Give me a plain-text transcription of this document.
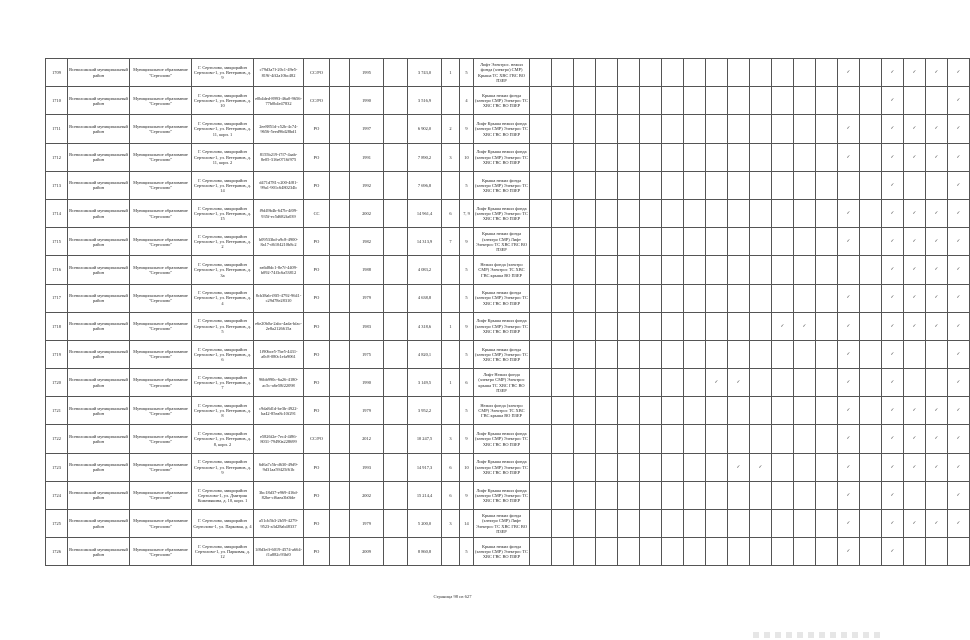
1709	Всеволожский муниципальный район	Муниципальное образование "Сертолово"	Г. Сертолово, микрорайон Сертоловo-1, ул. Ветеранов, д. 9	c79d3a7f-20c1-49e5-819f-4ff2a10bc482	СС/РО		1995		3 743,0	1	5	Лифт Электрос. нежил фонда (электро) СМР) Крыша ТС ХВС ГВС ВО ПЗЕР															✓		✓	✓	✓	✓
1710	Всеволожский муниципальный район	Муниципальное образование "Сертолово"	Г. Сертолово, микрорайон Сертоловo-1, ул. Ветеранов, д. 10	e0b4ded-8993-46a0-9656-77b0b4e47832	СС/РО		1990		3 516,9		4	Крыша нежил фонда (электро СМР) Электрос ТС ХВС ГВС ВО ПЗЕР																	✓			✓
1711	Всеволожский муниципальный район	Муниципальное образование "Сертолово"	Г. Сертолово, микрорайон Сертоловo-1, ул. Ветеранов, д. 11, корп. 1	2ee8851d-c52b-4c74-9656-5eed96d28bd1	РО		1997		6 902,0	2	9	Лифт Крыша нежил фонда (электро СМР) Электрос ТС ХВС ГВС ВО ПЗЕР															✓		✓	✓	✓	✓
1712	Всеволожский муниципальный район	Муниципальное образование "Сертолово"	Г. Сертолово, микрорайон Сертоловo-1, ул. Ветеранов, д. 11, корп. 2	8155b219-f7f7-4aab-8e05-316e0716f975	РО		1991		7 890,2	3	10	Лифт Крыша нежил фонда (электро СМР) Электрос ТС ХВС ГВС ВО ПЗЕР															✓		✓	✓	✓	✓
1713	Всеволожский муниципальный район	Муниципальное образование "Сертолово"	Г. Сертолово, микрорайон Сертоловo-1, ул. Ветеранов, д. 14	d471d781-c200-4f81-99a1-901c6480234b	РО		1992		7 696,8		5	Крыша нежил фонда (электро СМР) Электрос ТС ХВС ГВС ВО ПЗЕР																	✓			✓
1714	Всеволожский муниципальный район	Муниципальное образование "Сертолово"	Г. Сертолово, микрорайон Сертоловo-1, ул. Ветеранов, д. 15	f9d49b4b-647b-4f09-935f-ec5d682fa039	СС		2002		14 961,4	6	7, 9	Лифт Крыша нежил фонда (электро СМР) Электрос ТС ХВС ГВС ВО ПЗЕР															✓		✓	✓	✓	✓
1715	Всеволожский муниципальный район	Муниципальное образование "Сертолово"	Г. Сертолово, микрорайон Сертоловo-1, ул. Ветеранов, д. 2	b09533bd-a9c8-4900-8a17-d6104210b8c2	РО		1982		14 313,9	7	9	Крыша нежил фонда (электро СМР) Лифт Электрос ТС ХВС ГВС ВО ПЗЕР															✓		✓	✓	✓	✓
1716	Всеволожский муниципальный район	Муниципальное образование "Сертолово"	Г. Сертолово, микрорайон Сертоловo-1, ул. Ветеранов, д. 3а	ea6d8dc1-8e7f-4409-b092-74f3c6a53812	РО		1988		4 083,2		5	Нежил фонда (электро СМР) Электрос ТС ХВС ГВС крыша ВО ПЗЕР																	✓	✓	✓	✓
1717	Всеволожский муниципальный район	Муниципальное образование "Сертолово"	Г. Сертолово, микрорайон Сертоловo-1, ул. Ветеранов, д. 4	8cb38ab-f8f5-4792-9641-c29d78e28310	РО		1979		4 638,8		5	Крыша нежил фонда (электро СМР) Электрос ТС ХВС ГВС ВО ПЗЕР															✓		✓	✓	✓	✓
1718	Всеволожский муниципальный район	Муниципальное образование "Сертолово"	Г. Сертолово, микрорайон Сертоловo-1, ул. Ветеранов, д. 5	e6e20b0a-2abc-4ada-bfac-2e8a2126615a	РО		1983		4 318,6	1	9	Лифт Крыша нежил фонда (электро СМР) Электрос ТС ХВС ГВС ВО ПЗЕР												✓	✓		✓		✓	✓	✓	✓
1719	Всеволожский муниципальный район	Муниципальное образование "Сертолово"	Г. Сертолово, микрорайон Сертоловo-1, ул. Ветеранов, д. 6	1f90bce5-7be5-4431-a0c8-080c1efa9061	РО		1975		4 820,1		5	Крыша нежил фонда (электро СМР) Электрос ТС ХВС ГВС ВО ПЗЕР															✓		✓			✓
1720	Всеволожский муниципальный район	Муниципальное образование "Сертолово"	Г. Сертолово, микрорайон Сертоловo-1, ул. Ветеранов, д. 7	96bb990c-6a26-4180-ac5c-a6e58f22098	РО		1990		3 149,5	1	6	Лифт Нежил фонда (электро СМР) Электрос крыша ТС ХВС ГВС ВО ПЗЕР									✓	✓					✓		✓			✓
1721	Всеволожский муниципальный район	Муниципальное образование "Сертолово"	Г. Сертолово, микрорайон Сертоловo-1, ул. Ветеранов, д. 8	c9da8d1d-be3b-4922-ba42-85ea8c10f291	РО		1979		3 952,2		5	Нежил фонда (электро СМР) Электрос ТС ХВС ГВС крыша ВО ПЗЕР															✓		✓	✓	✓	✓
1722	Всеволожский муниципальный район	Муниципальное образование "Сертолово"	Г. Сертолово, микрорайон Сертоловo-1, ул. Ветеранов, д. 8, корп. 2	e5826f2e-7ec4-4f86-8031-79490a228699	СС/РО		2012		10 247,5	3	9	Лифт Крыша нежил фонда (электро СМР) Электрос ТС ХВС ГВС ВО ПЗЕР															✓		✓	✓	✓	✓
1723	Всеволожский муниципальный район	Муниципальное образование "Сертолово"	Г. Сертолово, микрорайон Сертоловo-1, ул. Ветеранов, д. 9	6d6a7c5b-d630-49d9-9d31aa59425f61b	РО		1993		14 917,3	6	10	Лифт Крыша нежил фонда (электро СМР) Электрос ТС ХВС ГВС ВО ПЗЕР										✓	✓				✓		✓	✓	✓	✓
1724	Всеволожский муниципальный район	Муниципальное образование "Сертолово"	Г. Сертолово, микрорайон Сертоловo-1, ул. Дмитрия Кожемякина, д. 10, корп. 1	3bc18d37-e969-416d-82be-cf6aea3b0fde	РО		2002		15 214,4	6	9	Лифт Крыша нежил фонда (электро СМР) Электрос ТС ХВС ГВС ВО ПЗЕР															✓		✓			✓
1725	Всеволожский муниципальный район	Муниципальное образование "Сертолово"	Г. Сертолово, микрорайон Сертоловo-1, ул. Парковая, д. 4	a51cb5b3-2b59-4279-9523-a3d28ab48337	РО		1979		5 200,0	3	14	Крыша нежил фонда (электро СМР) Лифт Электрос ТС ХВС ГВС ВО ПЗЕР															✓		✓	✓	✓	✓
1726	Всеволожский муниципальный район	Муниципальное образование "Сертолово"	Г. Сертолово, микрорайон Сертоловo-1, ул. Парковая, д. 12	1f8d3eff-6019-4574-a664-f1a882c93bf0	РО		2009		8 860,8		5	Крыша нежил фонда (электро СМР) Электрос ТС ХВС ГВС ВО ПЗЕР															✓		✓			
Страница 98 из 627
